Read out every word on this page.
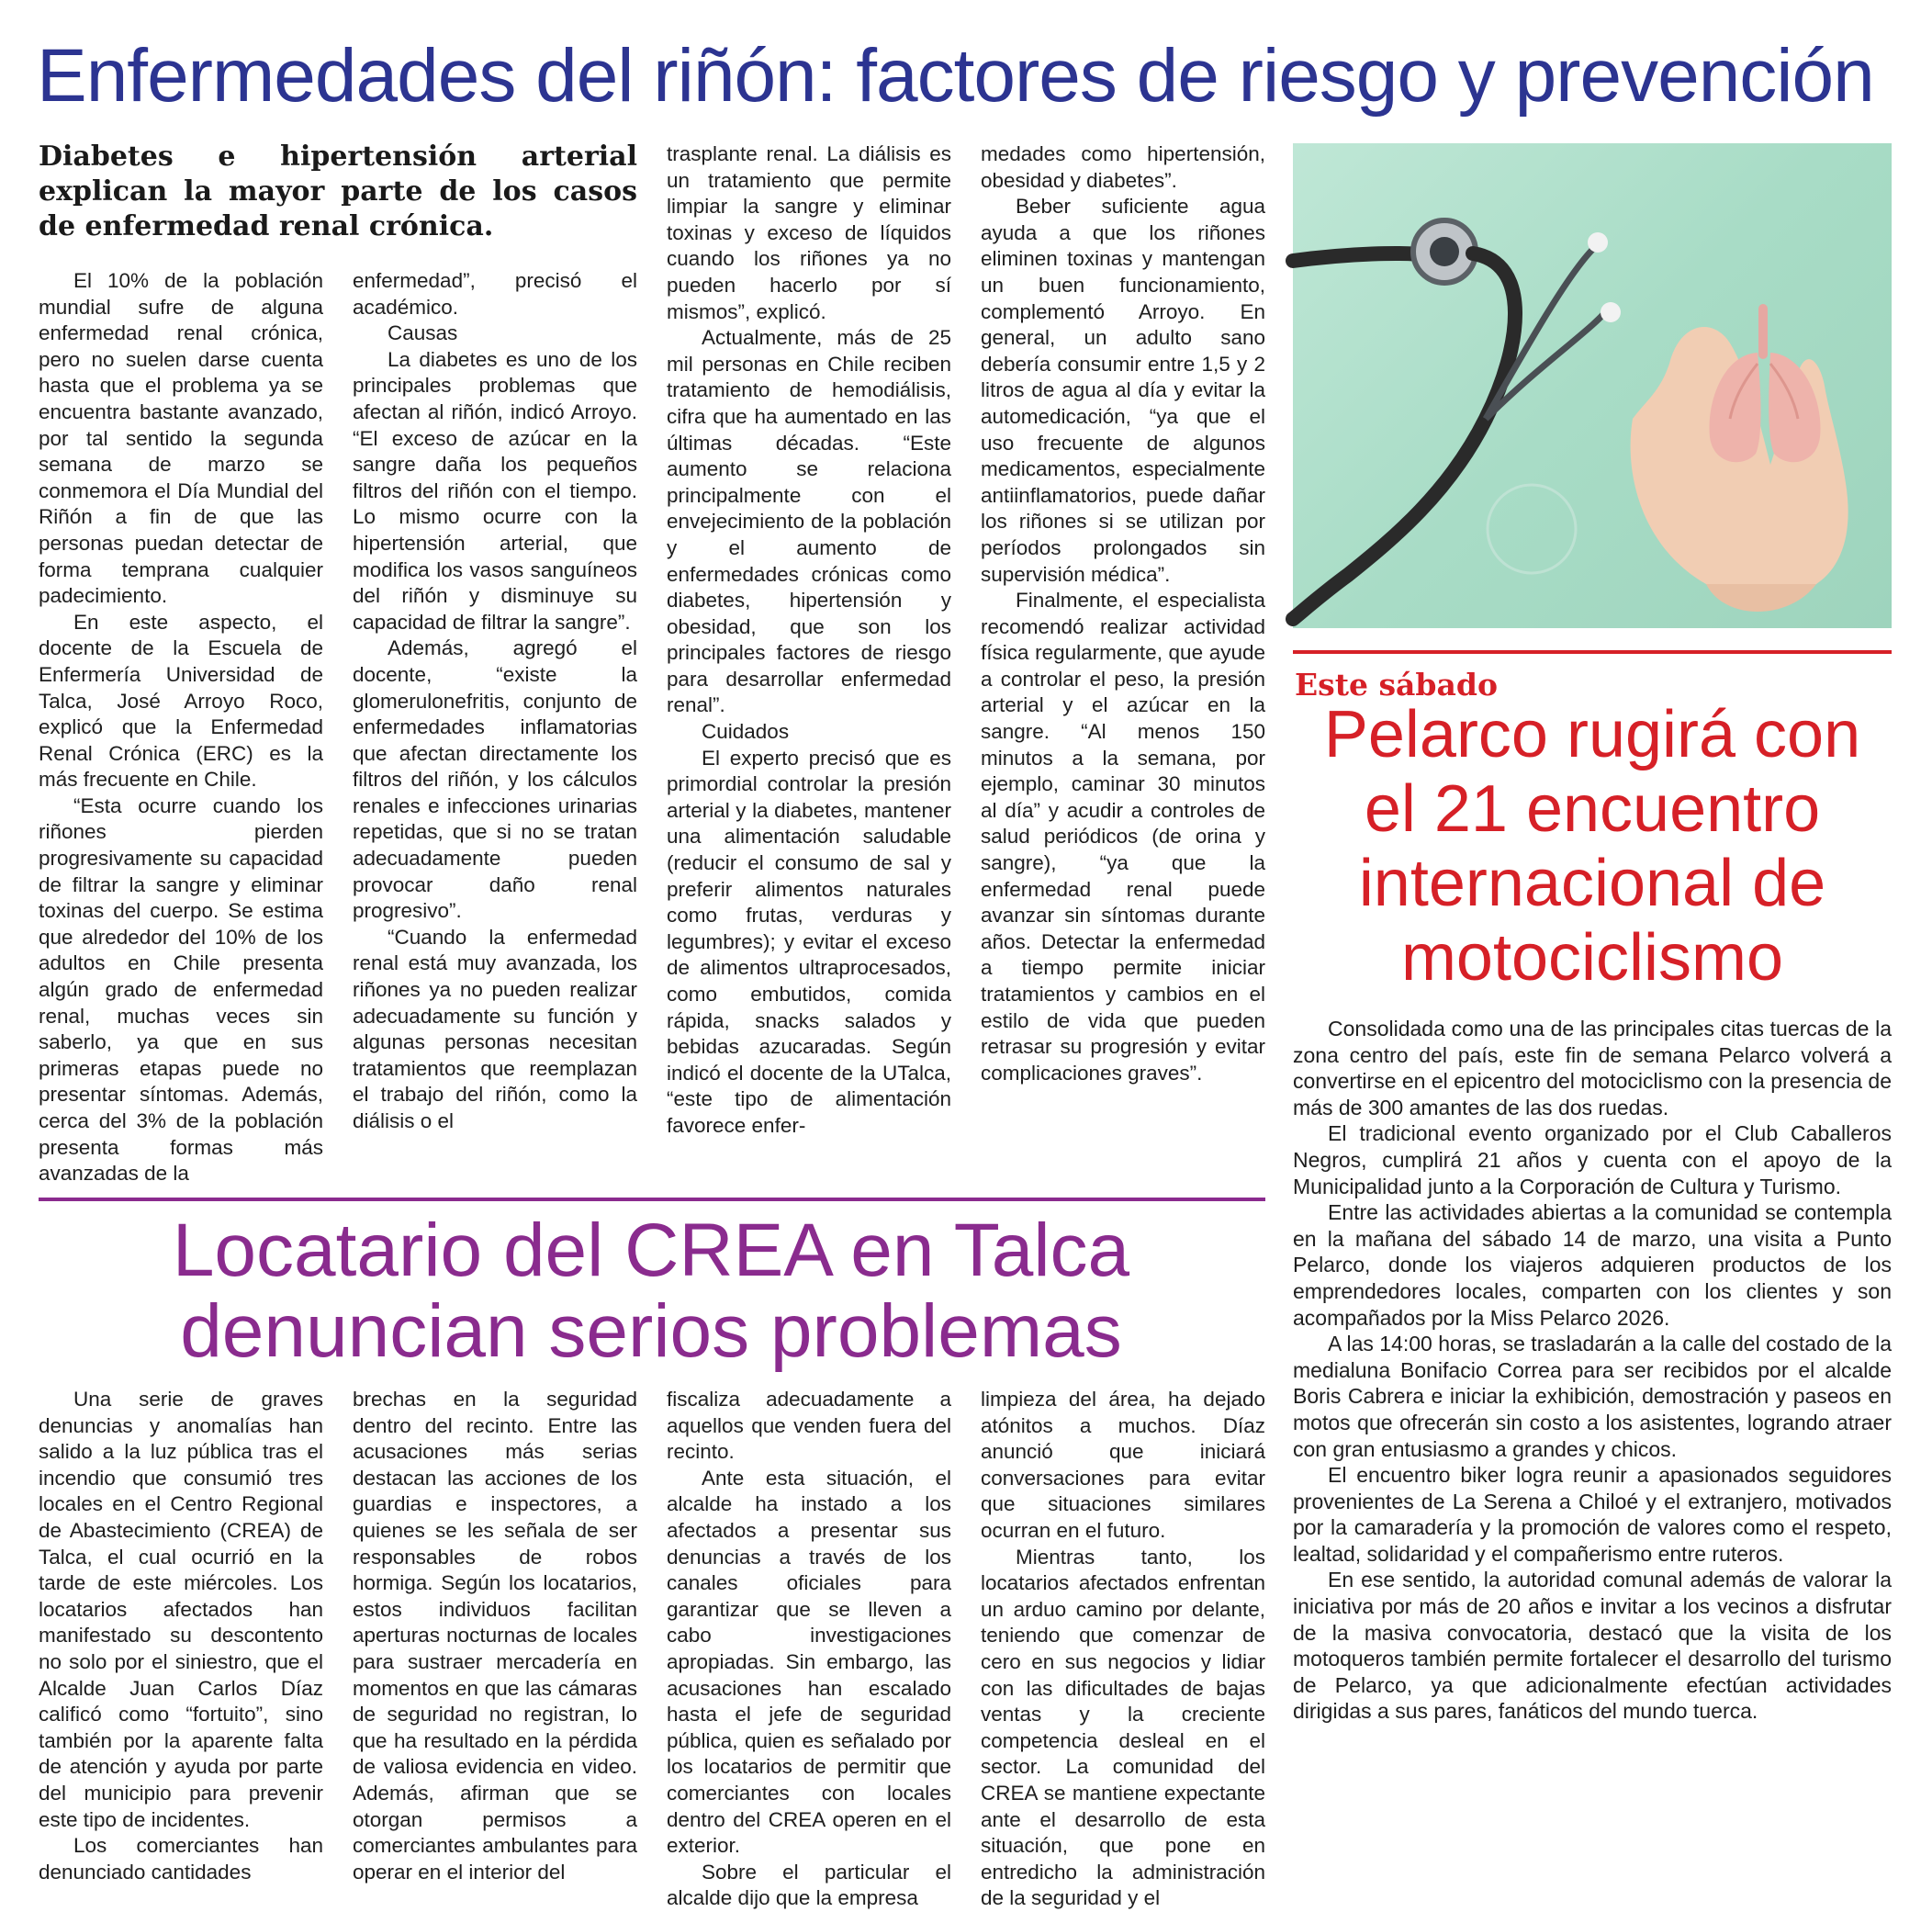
Enfermedades del riñón: factores de riesgo y prevención
Diabetes e hipertensión arterial explican la mayor parte de los casos de enfermedad renal crónica.

El 10% de la población mundial sufre de alguna enfermedad renal crónica, pero no suelen darse cuenta hasta que el problema ya se encuentra bastante avanzado, por tal sentido la segunda semana de marzo se conmemora el Día Mundial del Riñón a fin de que las personas puedan detectar de forma temprana cualquier padecimiento.

En este aspecto, el docente de la Escuela de Enfermería Universidad de Talca, José Arroyo Roco, explicó que la Enfermedad Renal Crónica (ERC) es la más frecuente en Chile.

“Esta ocurre cuando los riñones pierden progresivamente su capacidad de filtrar la sangre y eliminar toxinas del cuerpo. Se estima que alrededor del 10% de los adultos en Chile presenta algún grado de enfermedad renal, muchas veces sin saberlo, ya que en sus primeras etapas puede no presentar síntomas. Además, cerca del 3% de la población presenta formas más avanzadas de la

enfermedad”, precisó el académico.

Causas

La diabetes es uno de los principales problemas que afectan al riñón, indicó Arroyo. “El exceso de azúcar en la sangre daña los pequeños filtros del riñón con el tiempo. Lo mismo ocurre con la hipertensión arterial, que modifica los vasos sanguíneos del riñón y disminuye su capacidad de filtrar la sangre”.

Además, agregó el docente, “existe la glomerulonefritis, conjunto de enfermedades inflamatorias que afectan directamente los filtros del riñón, y los cálculos renales e infecciones urinarias repetidas, que si no se tratan adecuadamente pueden provocar daño renal progresivo”.

“Cuando la enfermedad renal está muy avanzada, los riñones ya no pueden realizar adecuadamente su función y algunas personas necesitan tratamientos que reemplazan el trabajo del riñón, como la diálisis o el

trasplante renal. La diálisis es un tratamiento que permite limpiar la sangre y eliminar toxinas y exceso de líquidos cuando los riñones ya no pueden hacerlo por sí mismos”, explicó.

Actualmente, más de 25 mil personas en Chile reciben tratamiento de hemodiálisis, cifra que ha aumentado en las últimas décadas. “Este aumento se relaciona principalmente con el envejecimiento de la población y el aumento de enfermedades crónicas como diabetes, hipertensión y obesidad, que son los principales factores de riesgo para desarrollar enfermedad renal”.

Cuidados

El experto precisó que es primordial controlar la presión arterial y la diabetes, mantener una alimentación saludable (reducir el consumo de sal y preferir alimentos naturales como frutas, verduras y legumbres); y evitar el exceso de alimentos ultraprocesados, como embutidos, comida rápida, snacks salados y bebidas azucaradas. Según indicó el docente de la UTalca, “este tipo de alimentación favorece enfer-

medades como hipertensión, obesidad y diabetes”.

Beber suficiente agua ayuda a que los riñones eliminen toxinas y mantengan un buen funcionamiento, complementó Arroyo. En general, un adulto sano debería consumir entre 1,5 y 2 litros de agua al día y evitar la automedicación, “ya que el uso frecuente de algunos medicamentos, especialmente antiinflamatorios, puede dañar los riñones si se utilizan por períodos prolongados sin supervisión médica”.

Finalmente, el especialista recomendó realizar actividad física regularmente, que ayude a controlar el peso, la presión arterial y el azúcar en la sangre. “Al menos 150 minutos a la semana, por ejemplo, caminar 30 minutos al día” y acudir a controles de salud periódicos (de orina y sangre), “ya que la enfermedad renal puede avanzar sin síntomas durante años. Detectar la enfermedad a tiempo permite iniciar tratamientos y cambios en el estilo de vida que pueden retrasar su progresión y evitar complicaciones graves”.

Este sábado
Pelarco rugirá con el 21 encuentro internacional de motociclismo

Consolidada como una de las principales citas tuercas de la zona centro del país, este fin de semana Pelarco volverá a convertirse en el epicentro del motociclismo con la presencia de más de 300 amantes de las dos ruedas.

El tradicional evento organizado por el Club Caballeros Negros, cumplirá 21 años y cuenta con el apoyo de la Municipalidad junto a la Corporación de Cultura y Turismo.

Entre las actividades abiertas a la comunidad se contempla en la mañana del sábado 14 de marzo, una visita a Punto Pelarco, donde los viajeros adquieren productos de los emprendedores locales, comparten con los clientes y son acompañados por la Miss Pelarco 2026.

A las 14:00 horas, se trasladarán a la calle del costado de la medialuna Bonifacio Correa para ser recibidos por el alcalde Boris Cabrera e iniciar la exhibición, demostración y paseos en motos que ofrecerán sin costo a los asistentes, logrando atraer con gran entusiasmo a grandes y chicos.

El encuentro biker logra reunir a apasionados seguidores provenientes de La Serena a Chiloé y el extranjero, motivados por la camaradería y la promoción de valores como el respeto, lealtad, solidaridad y el compañerismo entre ruteros.

En ese sentido, la autoridad comunal además de valorar la iniciativa por más de 20 años e invitar a los vecinos a disfrutar de la masiva convocatoria, destacó que la visita de los motoqueros también permite fortalecer el desarrollo del turismo de Pelarco, ya que adicionalmente efectúan actividades dirigidas a sus pares, fanáticos del mundo tuerca.

Locatario del CREA en Talca denuncian serios problemas

Una serie de graves denuncias y anomalías han salido a la luz pública tras el incendio que consumió tres locales en el Centro Regional de Abastecimiento (CREA) de Talca, el cual ocurrió en la tarde de este miércoles. Los locatarios afectados han manifestado su descontento no solo por el siniestro, que el Alcalde Juan Carlos Díaz calificó como “fortuito”, sino también por la aparente falta de atención y ayuda por parte del municipio para prevenir este tipo de incidentes.

Los comerciantes han denunciado cantidades

brechas en la seguridad dentro del recinto. Entre las acusaciones más serias destacan las acciones de los guardias e inspectores, a quienes se les señala de ser responsables de robos hormiga. Según los locatarios, estos individuos facilitan aperturas nocturnas de locales para sustraer mercadería en momentos en que las cámaras de seguridad no registran, lo que ha resultado en la pérdida de valiosa evidencia en video. Además, afirman que se otorgan permisos a comerciantes ambulantes para operar en el interior del

fiscaliza adecuadamente a aquellos que venden fuera del recinto.

Ante esta situación, el alcalde ha instado a los afectados a presentar sus denuncias a través de los canales oficiales para garantizar que se lleven a cabo investigaciones apropiadas. Sin embargo, las acusaciones han escalado hasta el jefe de seguridad pública, quien es señalado por los locatarios de permitir que comerciantes con locales dentro del CREA operen en el exterior.

Sobre el particular el alcalde dijo que la empresa

limpieza del área, ha dejado atónitos a muchos. Díaz anunció que iniciará conversaciones para evitar que situaciones similares ocurran en el futuro.

Mientras tanto, los locatarios afectados enfrentan un arduo camino por delante, teniendo que comenzar de cero en sus negocios y lidiar con las dificultades de bajas ventas y la creciente competencia desleal en el sector. La comunidad del CREA se mantiene expectante ante el desarrollo de esta situación, que pone en entredicho la administración de la seguridad y el
